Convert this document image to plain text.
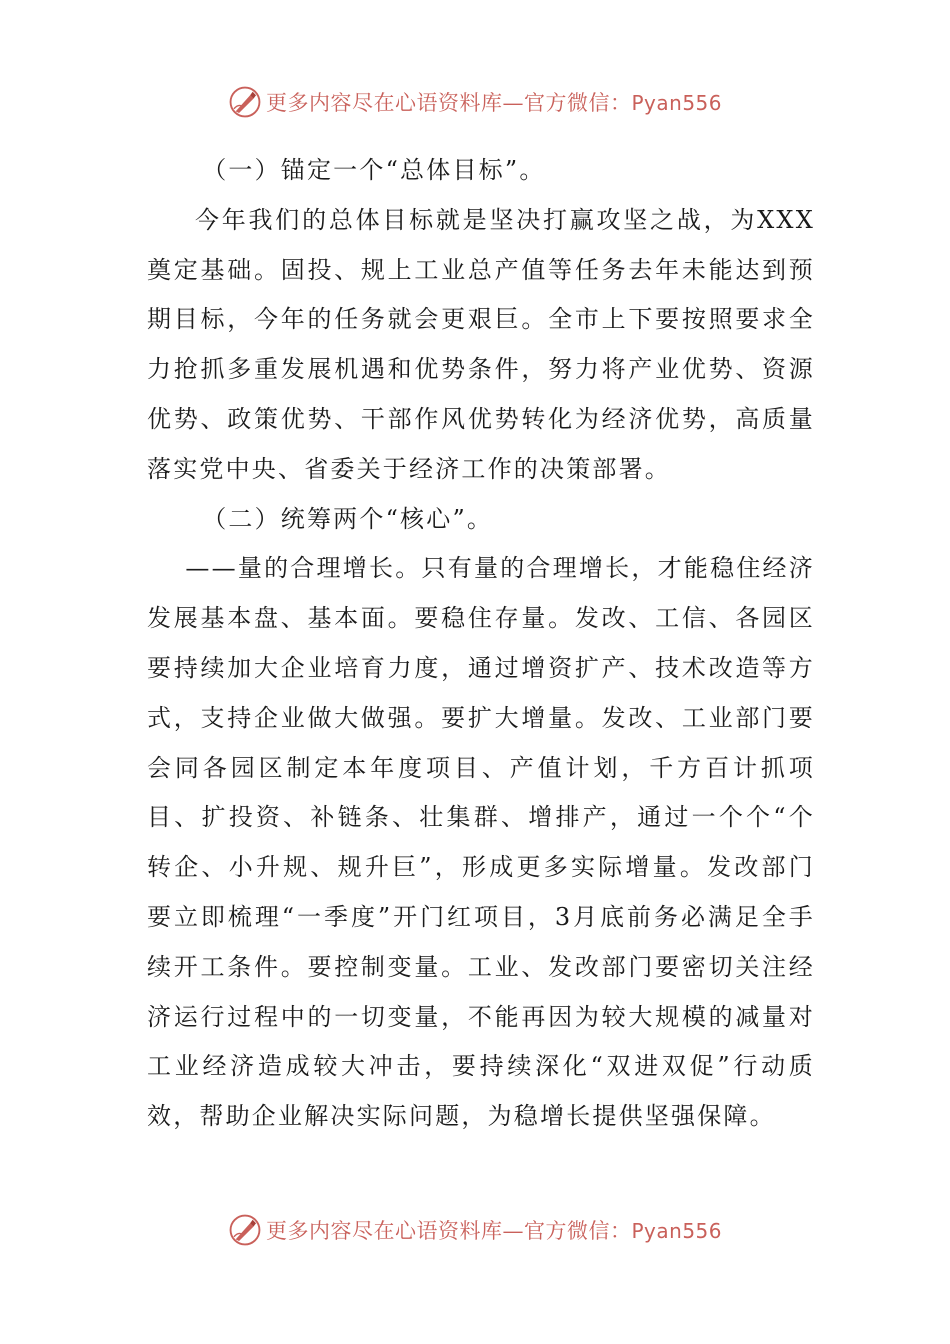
更多内容尽在心语资料库—官方微信：Pyan556

（一）锚定一个“总体目标”。

今年我们的总体目标就是坚决打赢攻坚之战，为XXX奠定基础。固投、规上工业总产值等任务去年未能达到预期目标，今年的任务就会更艰巨。全市上下要按照要求全力抢抓多重发展机遇和优势条件，努力将产业优势、资源优势、政策优势、干部作风优势转化为经济优势，高质量落实党中央、省委关于经济工作的决策部署。

（二）统筹两个“核心”。

——量的合理增长。只有量的合理增长，才能稳住经济发展基本盘、基本面。要稳住存量。发改、工信、各园区要持续加大企业培育力度，通过增资扩产、技术改造等方式，支持企业做大做强。要扩大增量。发改、工业部门要会同各园区制定本年度项目、产值计划，千方百计抓项目、扩投资、补链条、壮集群、增排产，通过一个个“个转企、小升规、规升巨”，形成更多实际增量。发改部门要立即梳理“一季度”开门红项目，3月底前务必满足全手续开工条件。要控制变量。工业、发改部门要密切关注经济运行过程中的一切变量，不能再因为较大规模的减量对工业经济造成较大冲击，要持续深化“双进双促”行动质效，帮助企业解决实际问题，为稳增长提供坚强保障。

更多内容尽在心语资料库—官方微信：Pyan556
